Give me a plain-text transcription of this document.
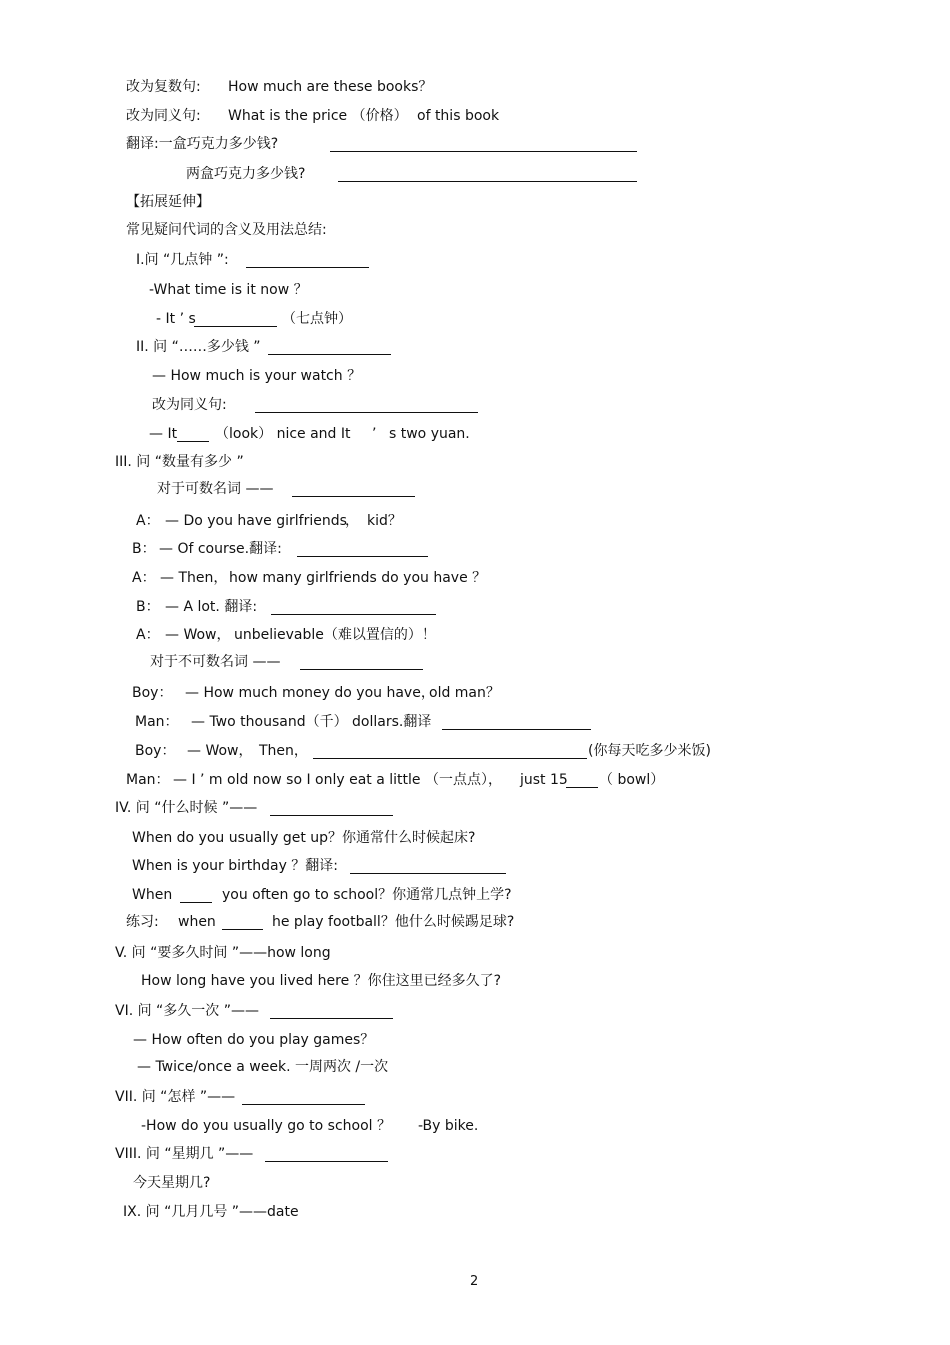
改为复数句: How much are these books？
改为同义句: What is the price （价格） of this book
翻译:一盒巧克力多少钱?
两盒巧克力多少钱?
【拓展延伸】
常见疑问代词的含义及用法总结:
I.问 “几点钟 ”:
-What time is it now ？
- It ’ s	（七点钟）
II. 问 “……多少钱 ”
— How much is your watch ？
改为同义句:
— It	（look） nice and It ’ s two yuan.
III. 问 “数量有多少 ”
对于可数名词 ——
A： — Do you have girlfriends
， kid？
B： — Of course.翻译:
A： — Then， how many girlfriends do you have ？
B： — A lot. 翻译:
A： — Wow， unbelievable（难以置信的）！
对于不可数名词 ——
Boy： — How much money do you have，
old man？
Man： — Two thousand（千） dollars.翻译
Boy： — Wow， Then，	(你每天吃多少米饭)
Man： — I ’ m old now so I only eat a little （一点点）， just 15 （ bowl）
IV. 问 “什么时候 ”——
When do you usually get up？你通常什么时候起床?
When is your birthday ？翻译:
When	you often go to school？你通常几点钟上学?
练习: when	he play football？他什么时候踢足球?
V. 问 “要多久时间 ”——how long
How long have you lived here ？你住这里已经多久了?
VI. 问 “多久一次 ”——
— How often do you play games？
— Twice/once a week. 一周两次 /一次
VII. 问 “怎样 ”——
-How do you usually go to school ？ -By bike.
VIII. 问 “星期几 ”——
今天星期几?
IX. 问 “几月几号 ”——date
2
